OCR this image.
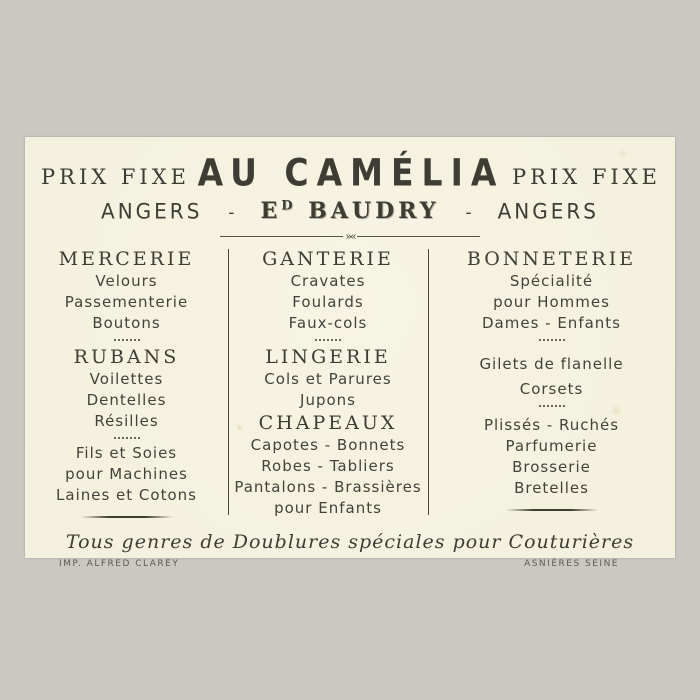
PRIX FIXE AU CAMÉLIA PRIX FIXE
ANGERS - $E^D$ BAUDRY - ANGERS
»«
MERCERIE
Velours
Passementerie
Boutons
RUBANS
Voilettes
Dentelles
Résilles
Fils et Soies
pour Machines
Laines et Cotons
GANTERIE
Cravates
Foulards
Faux-cols
LINGERIE
Cols et Parures
Jupons
CHAPEAUX
Capotes - Bonnets
Robes - Tabliers
Pantalons - Brassières
pour Enfants
BONNETERIE
Spécialité
pour Hommes
Dames - Enfants
Gilets de flanelle
Corsets
Plissés - Ruchés
Parfumerie
Brosserie
Bretelles
Tous genres de Doublures spéciales pour Couturières
IMP. ALFRED CLAREY	ASNIÈRES SEINE
